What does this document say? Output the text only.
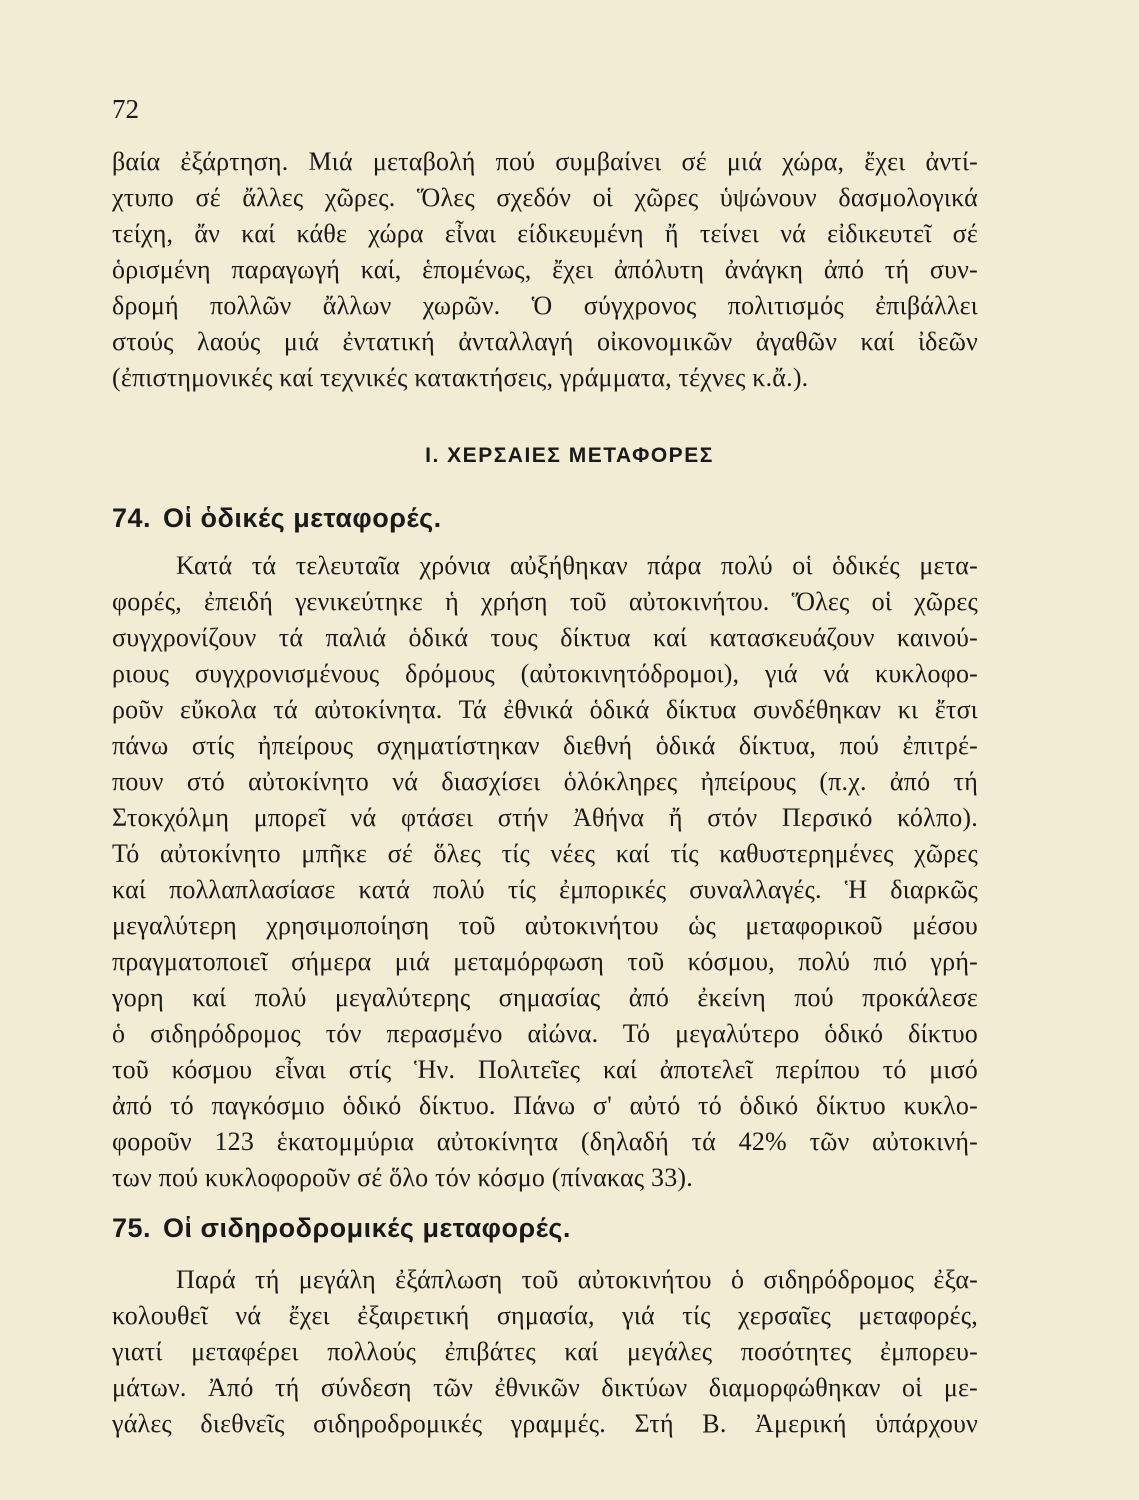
72
βαία ἐξάρτηση. Μιά μεταβολή πού συμβαίνει σέ μιά χώρα, ἔχει ἀντί-
χτυπο σέ ἄλλες χῶρες. Ὅλες σχεδόν οἱ χῶρες ὑψώνουν δασμολογικά
τείχη, ἄν καί κάθε χώρα εἶναι είδικευμένη ἤ τείνει νά εἰδικευτεῖ σέ
ὁρισμένη παραγωγή καί, ἑπομένως, ἔχει ἀπόλυτη ἀνάγκη ἀπό τή συν-
δρομή πολλῶν ἄλλων χωρῶν. Ὁ σύγχρονος πολιτισμός ἐπιβάλλει
στούς λαούς μιά ἐντατική ἀνταλλαγή οἰκονομικῶν ἀγαθῶν καί ἰδεῶν
(ἐπιστημονικές καί τεχνικές κατακτήσεις, γράμματα, τέχνες κ.ἄ.).
Ι. ΧΕΡΣΑΙΕΣ ΜΕΤΑΦΟΡΕΣ
74. Οἱ ὁδικές μεταφορές.
Κατά τά τελευταῖα χρόνια αὐξήθηκαν πάρα πολύ οἱ ὁδικές μετα-
φορές, ἐπειδή γενικεύτηκε ἡ χρήση τοῦ αὐτοκινήτου. Ὅλες οἱ χῶρες
συγχρονίζουν τά παλιά ὁδικά τους δίκτυα καί κατασκευάζουν καινού-
ριους συγχρονισμένους δρόμους (αὐτοκινητόδρομοι), γιά νά κυκλοφο-
ροῦν εὔκολα τά αὐτοκίνητα. Τά ἐθνικά ὁδικά δίκτυα συνδέθηκαν κι ἔτσι
πάνω στίς ἠπείρους σχηματίστηκαν διεθνή ὁδικά δίκτυα, πού ἐπιτρέ-
πουν στό αὐτοκίνητο νά διασχίσει ὁλόκληρες ἠπείρους (π.χ. ἀπό τή
Στοκχόλμη μπορεῖ νά φτάσει στήν Ἀθήνα ἤ στόν Περσικό κόλπο).
Τό αὐτοκίνητο μπῆκε σέ ὅλες τίς νέες καί τίς καθυστερημένες χῶρες
καί πολλαπλασίασε κατά πολύ τίς ἐμπορικές συναλλαγές. Ἡ διαρκῶς
μεγαλύτερη χρησιμοποίηση τοῦ αὐτοκινήτου ὡς μεταφορικοῦ μέσου
πραγματοποιεῖ σήμερα μιά μεταμόρφωση τοῦ κόσμου, πολύ πιό γρή-
γορη καί πολύ μεγαλύτερης σημασίας ἀπό ἐκείνη πού προκάλεσε
ὁ σιδηρόδρομος τόν περασμένο αἰώνα. Τό μεγαλύτερο ὁδικό δίκτυο
τοῦ κόσμου εἶναι στίς Ἡν. Πολιτεῖες καί ἀποτελεῖ περίπου τό μισό
ἀπό τό παγκόσμιο ὁδικό δίκτυο. Πάνω σ' αὐτό τό ὁδικό δίκτυο κυκλο-
φοροῦν 123 ἑκατομμύρια αὐτοκίνητα (δηλαδή τά 42% τῶν αὐτοκινή-
των πού κυκλοφοροῦν σέ ὅλο τόν κόσμο (πίνακας 33).
75. Οἱ σιδηροδρομικές μεταφορές.
Παρά τή μεγάλη ἐξάπλωση τοῦ αὐτοκινήτου ὁ σιδηρόδρομος ἐξα-
κολουθεῖ νά ἔχει ἐξαιρετική σημασία, γιά τίς χερσαῖες μεταφορές,
γιατί μεταφέρει πολλούς ἐπιβάτες καί μεγάλες ποσότητες ἐμπορευ-
μάτων. Ἀπό τή σύνδεση τῶν ἐθνικῶν δικτύων διαμορφώθηκαν οἱ με-
γάλες διεθνεῖς σιδηροδρομικές γραμμές. Στή Β. Ἀμερική ὑπάρχουν
